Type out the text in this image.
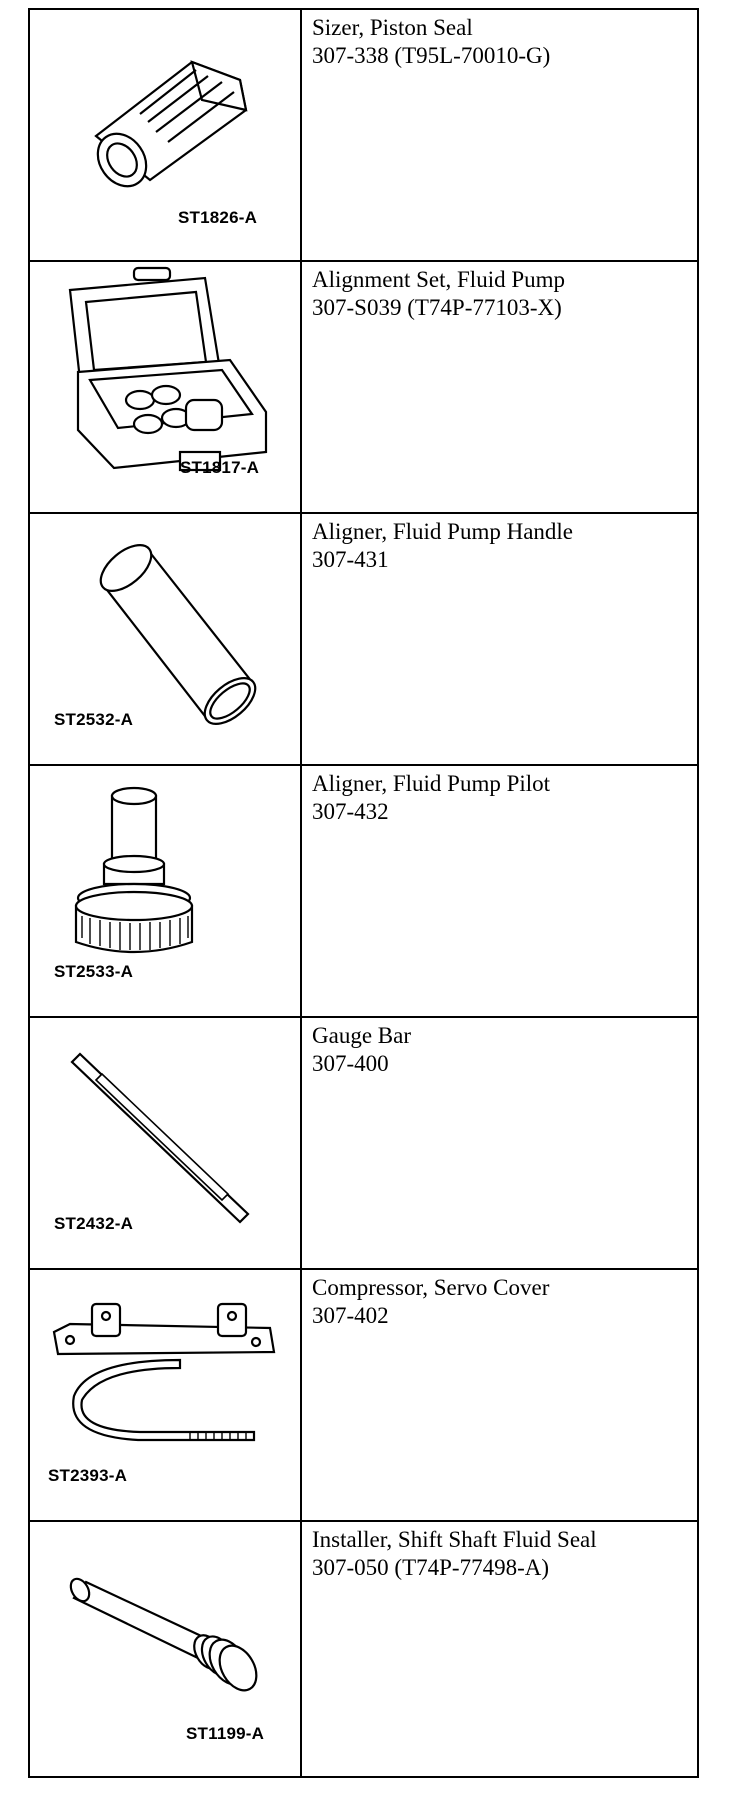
ST1826-A	Sizer, Piston Seal
307-338 (T95L-70010-G)

ST1817-A	Alignment Set, Fluid Pump
307-S039 (T74P-77103-X)

ST2532-A	Aligner, Fluid Pump Handle
307-431

ST2533-A	Aligner, Fluid Pump Pilot
307-432

ST2432-A	Gauge Bar
307-400

ST2393-A	Compressor, Servo Cover
307-402

ST1199-A	Installer, Shift Shaft Fluid Seal
307-050 (T74P-77498-A)
